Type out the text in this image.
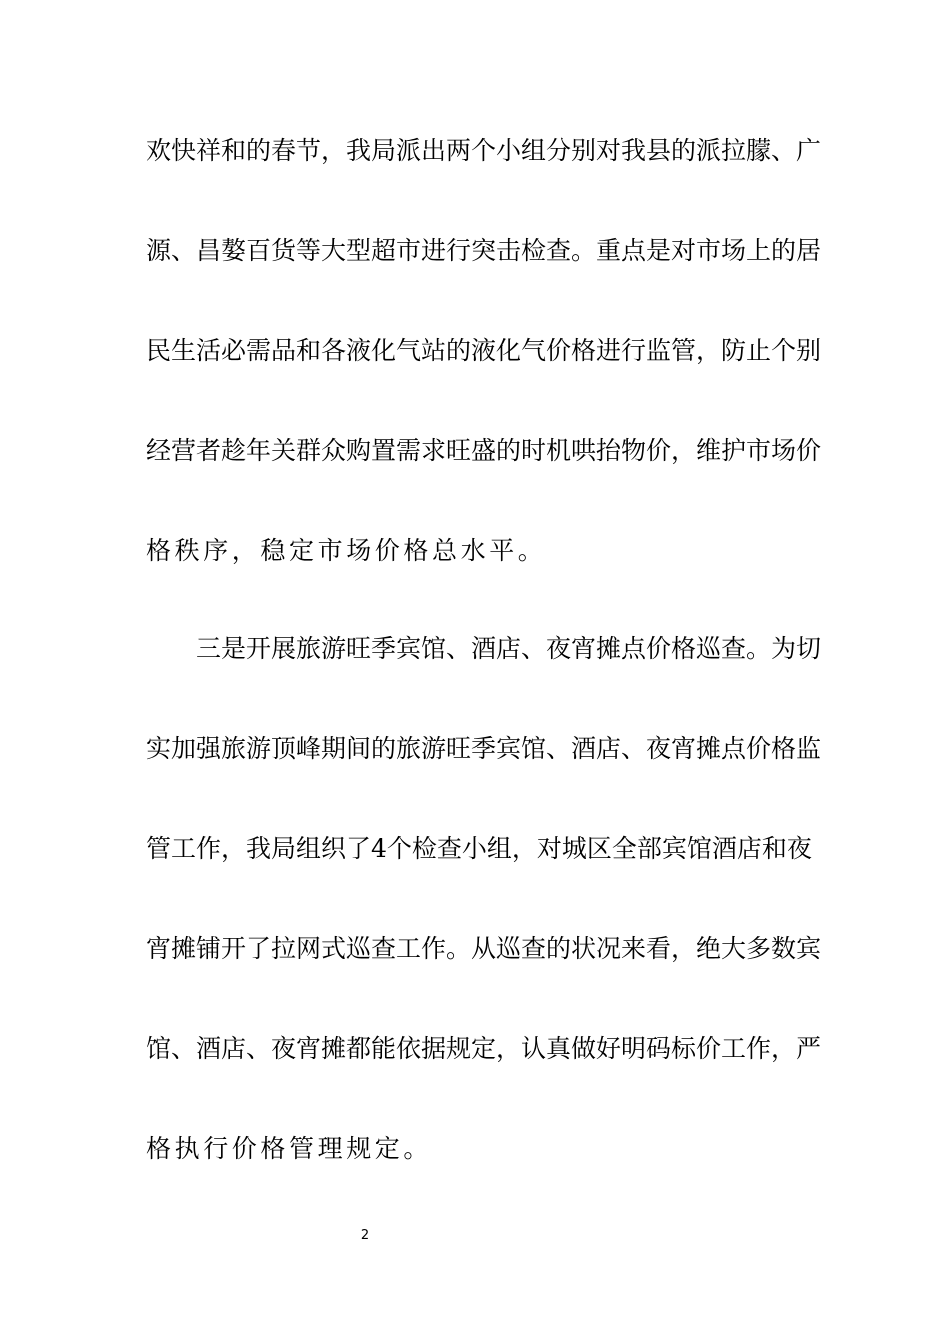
欢快祥和的春节，我局派出两个小组分别对我县的派拉朦、广
源、昌嫯百货等大型超市进行突击检查。重点是对市场上的居
民生活必需品和各液化气站的液化气价格进行监管，防止个别
经营者趁年关群众购置需求旺盛的时机哄抬物价，维护市场价
格秩序，稳定市场价格总水平。
三是开展旅游旺季宾馆、酒店、夜宵摊点价格巡查。为切
实加强旅游顶峰期间的旅游旺季宾馆、酒店、夜宵摊点价格监
管工作，我局组织了4个检查小组，对城区全部宾馆酒店和夜
宵摊铺开了拉网式巡查工作。从巡查的状况来看，绝大多数宾
馆、酒店、夜宵摊都能依据规定，认真做好明码标价工作，严
格执行价格管理规定。
2
